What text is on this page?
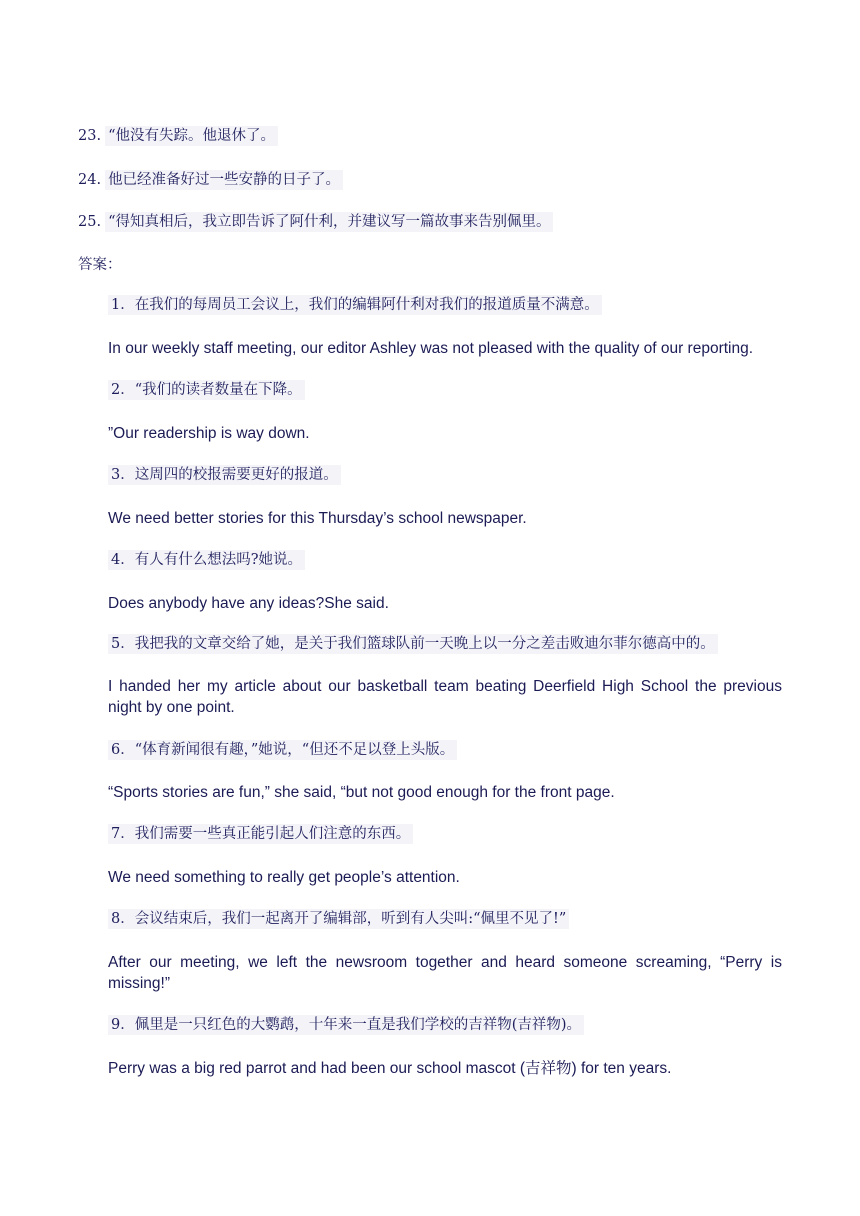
23. “他没有失踪。他退休了。
24. 他已经准备好过一些安静的日子了。
25. “得知真相后，我立即告诉了阿什利，并建议写一篇故事来告别佩里。
答案：
1．在我们的每周员工会议上，我们的编辑阿什利对我们的报道质量不满意。
In our weekly staff meeting, our editor Ashley was not pleased with the quality of our reporting.
2．“我们的读者数量在下降。
”Our readership is way down.
3．这周四的校报需要更好的报道。
We need better stories for this Thursday’s school newspaper.
4．有人有什么想法吗?她说。
Does anybody have any ideas?She said.
5．我把我的文章交给了她，是关于我们篮球队前一天晚上以一分之差击败迪尔菲尔德高中的。
I handed her my article about our basketball team beating Deerfield High School the previous night by one point.
6．“体育新闻很有趣，”她说，“但还不足以登上头版。
“Sports stories are fun,” she said, “but not good enough for the front page.
7．我们需要一些真正能引起人们注意的东西。
We need something to really get people’s attention.
8．会议结束后，我们一起离开了编辑部，听到有人尖叫:“佩里不见了!”
After our meeting, we left the newsroom together and heard someone screaming, “Perry is missing!”
9．佩里是一只红色的大鹦鹉，十年来一直是我们学校的吉祥物(吉祥物)。
Perry was a big red parrot and had been our school mascot (吉祥物) for ten years.
